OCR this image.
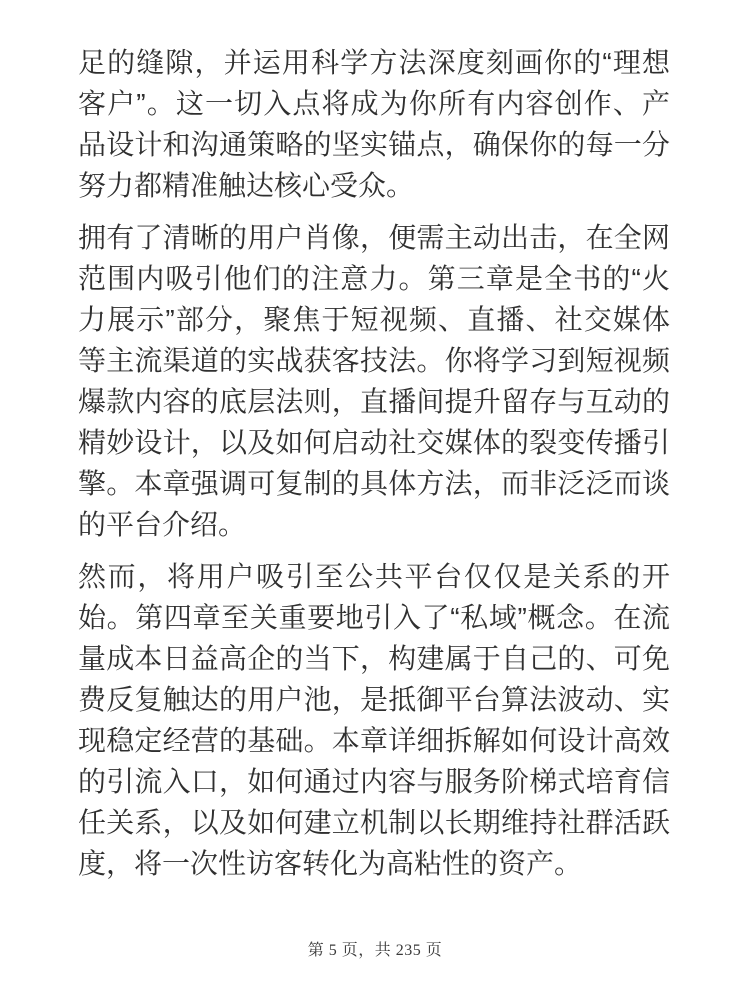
足的缝隙，并运用科学方法深度刻画你的“理想客户”。这一切入点将成为你所有内容创作、产品设计和沟通策略的坚实锚点，确保你的每一分努力都精准触达核心受众。

拥有了清晰的用户肖像，便需主动出击，在全网范围内吸引他们的注意力。第三章是全书的“火力展示”部分，聚焦于短视频、直播、社交媒体等主流渠道的实战获客技法。你将学习到短视频爆款内容的底层法则，直播间提升留存与互动的精妙设计，以及如何启动社交媒体的裂变传播引擎。本章强调可复制的具体方法，而非泛泛而谈的平台介绍。

然而，将用户吸引至公共平台仅仅是关系的开始。第四章至关重要地引入了“私域”概念。在流量成本日益高企的当下，构建属于自己的、可免费反复触达的用户池，是抵御平台算法波动、实现稳定经营的基础。本章详细拆解如何设计高效的引流入口，如何通过内容与服务阶梯式培育信任关系，以及如何建立机制以长期维持社群活跃度，将一次性访客转化为高粘性的资产。

第 5 页，共 235 页
